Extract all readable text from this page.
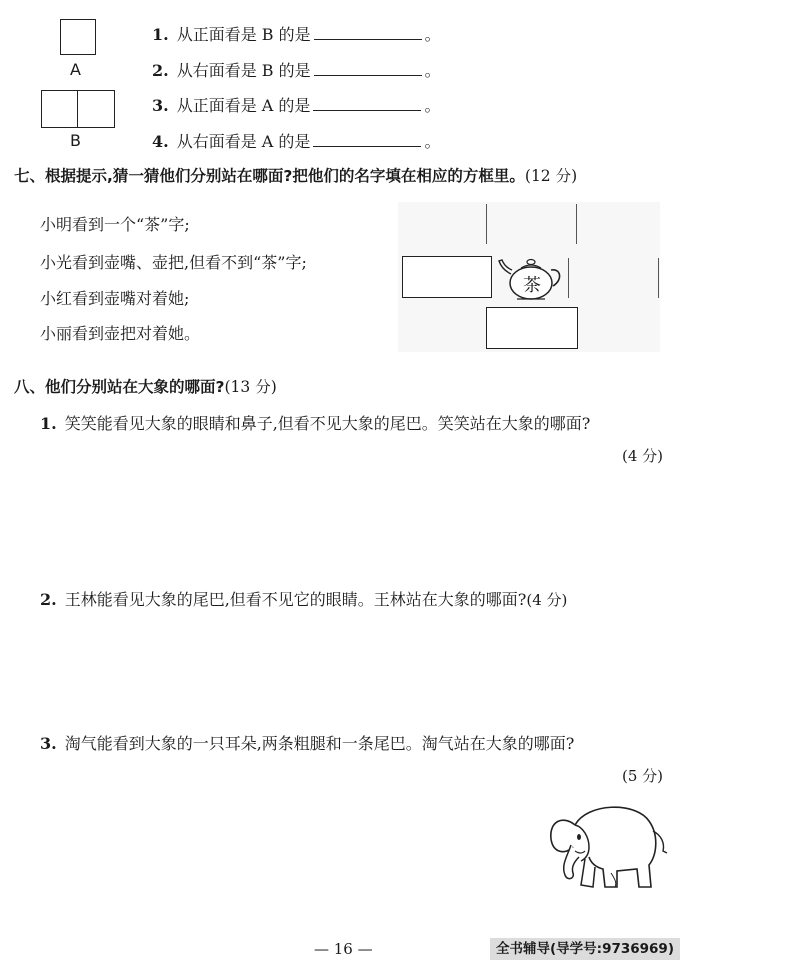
A
B
1. 从正面看是 B 的是	。
2. 从右面看是 B 的是	。
3. 从正面看是 A 的是	。
4. 从右面看是 A 的是	。
七、根据提示,猜一猜他们分别站在哪面?把他们的名字填在相应的方框里。(12 分)
小明看到一个“茶”字;
小光看到壶嘴、壶把,但看不到“茶”字;
小红看到壶嘴对着她;
小丽看到壶把对着她。
茶
八、他们分别站在大象的哪面?(13 分)
1. 笑笑能看见大象的眼睛和鼻子,但看不见大象的尾巴。笑笑站在大象的哪面?
(4 分)
2. 王林能看见大象的尾巴,但看不见它的眼睛。王林站在大象的哪面?(4 分)
3. 淘气能看到大象的一只耳朵,两条粗腿和一条尾巴。淘气站在大象的哪面?
(5 分)
— 16 —	全书辅导(导学号:9736969)
